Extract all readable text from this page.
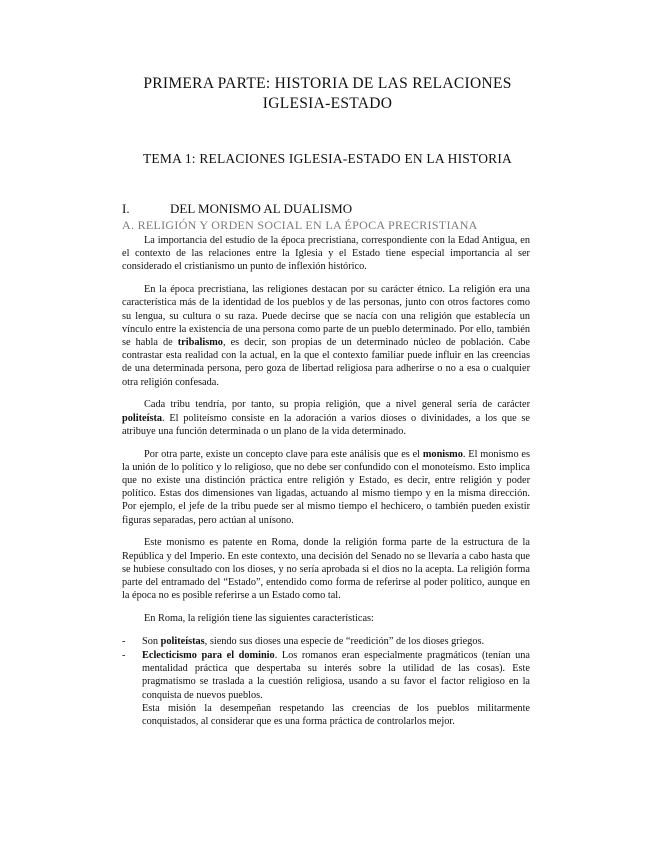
PRIMERA PARTE: HISTORIA DE LAS RELACIONES
IGLESIA-ESTADO
TEMA 1: RELACIONES IGLESIA-ESTADO EN LA HISTORIA
I.	DEL MONISMO AL DUALISMO
A. RELIGIÓN Y ORDEN SOCIAL EN LA ÉPOCA PRECRISTIANA

La importancia del estudio de la época precristiana, correspondiente con la Edad Antigua, en el contexto de las relaciones entre la Iglesia y el Estado tiene especial importancia al ser considerado el cristianismo un punto de inflexión histórico.

En la época precristiana, las religiones destacan por su carácter étnico. La religión era una característica más de la identidad de los pueblos y de las personas, junto con otros factores como su lengua, su cultura o su raza. Puede decirse que se nacía con una religión que establecía un vínculo entre la existencia de una persona como parte de un pueblo determinado. Por ello, también se habla de tribalismo, es decir, son propias de un determinado núcleo de población. Cabe contrastar esta realidad con la actual, en la que el contexto familiar puede influir en las creencias de una determinada persona, pero goza de libertad religiosa para adherirse o no a esa o cualquier otra religión confesada.

Cada tribu tendría, por tanto, su propia religión, que a nivel general sería de carácter politeísta. El politeísmo consiste en la adoración a varios dioses o divinidades, a los que se atribuye una función determinada o un plano de la vida determinado.

Por otra parte, existe un concepto clave para este análisis que es el monismo. El monismo es la unión de lo político y lo religioso, que no debe ser confundido con el monoteísmo. Esto implica que no existe una distinción práctica entre religión y Estado, es decir, entre religión y poder político. Estas dos dimensiones van ligadas, actuando al mismo tiempo y en la misma dirección. Por ejemplo, el jefe de la tribu puede ser al mismo tiempo el hechicero, o también pueden existir figuras separadas, pero actúan al unísono.

Este monismo es patente en Roma, donde la religión forma parte de la estructura de la República y del Imperio. En este contexto, una decisión del Senado no se llevaría a cabo hasta que se hubiese consultado con los dioses, y no sería aprobada si el dios no la acepta. La religión forma parte del entramado del “Estado”, entendido como forma de referirse al poder político, aunque en la época no es posible referirse a un Estado como tal.

En Roma, la religión tiene las siguientes características:

- Son politeístas, siendo sus dioses una especie de “reedición” de los dioses griegos.
- Eclecticismo para el dominio. Los romanos eran especialmente pragmáticos (tenían una mentalidad práctica que despertaba su interés sobre la utilidad de las cosas). Este pragmatismo se traslada a la cuestión religiosa, usando a su favor el factor religioso en la conquista de nuevos pueblos.

Esta misión la desempeñan respetando las creencias de los pueblos militarmente conquistados, al considerar que es una forma práctica de controlarlos mejor.
